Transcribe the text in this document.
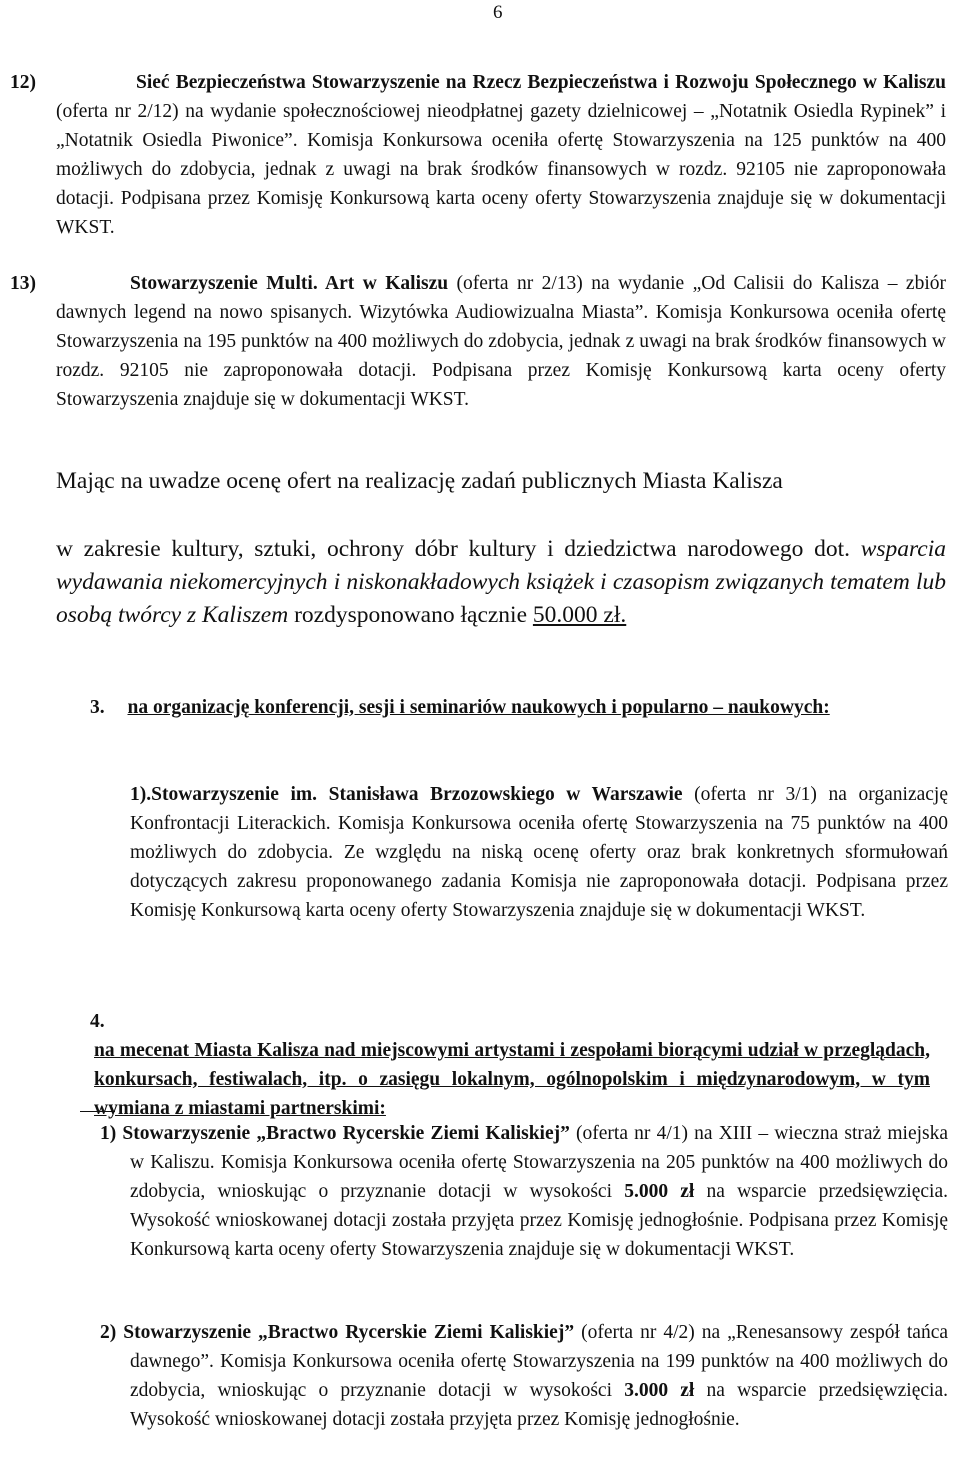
6
12)	Sieć Bezpieczeństwa Stowarzyszenie na Rzecz Bezpieczeństwa i Rozwoju Społecznego w Kaliszu (oferta nr 2/12) na wydanie społecznościowej nieodpłatnej gazety dzielnicowej – „Notatnik Osiedla Rypinek” i „Notatnik Osiedla Piwonice”. Komisja Konkursowa oceniła ofertę Stowarzyszenia na 125 punktów na 400 możliwych do zdobycia, jednak z uwagi na brak środków finansowych w rozdz. 92105 nie zaproponowała dotacji. Podpisana przez Komisję Konkursową karta oceny oferty Stowarzyszenia znajduje się w dokumentacji WKST.
13)	Stowarzyszenie Multi. Art w Kaliszu (oferta nr 2/13) na wydanie „Od Calisii do Kalisza – zbiór dawnych legend na nowo spisanych. Wizytówka Audiowizualna Miasta”. Komisja Konkursowa oceniła ofertę Stowarzyszenia na 195 punktów na 400 możliwych do zdobycia, jednak z uwagi na brak środków finansowych w rozdz. 92105 nie zaproponowała dotacji. Podpisana przez Komisję Konkursową karta oceny oferty Stowarzyszenia znajduje się w dokumentacji WKST.
Mając na uwadze ocenę ofert na realizację zadań publicznych Miasta Kalisza
w zakresie kultury, sztuki, ochrony dóbr kultury i dziedzictwa narodowego dot. wsparcia wydawania niekomercyjnych i niskonakładowych książek i czasopism związanych tematem lub osobą twórcy z Kaliszem rozdysponowano łącznie 50.000 zł.
3. na organizację konferencji, sesji i seminariów naukowych i popularno – naukowych:
1).Stowarzyszenie im. Stanisława Brzozowskiego w Warszawie (oferta nr 3/1) na organizację Konfrontacji Literackich. Komisja Konkursowa oceniła ofertę Stowarzyszenia na 75 punktów na 400 możliwych do zdobycia. Ze względu na niską ocenę oferty oraz brak konkretnych sformułowań dotyczących zakresu proponowanego zadania Komisja nie zaproponowała dotacji. Podpisana przez Komisję Konkursową karta oceny oferty Stowarzyszenia znajduje się w dokumentacji WKST.
4. na mecenat Miasta Kalisza nad miejscowymi artystami i zespołami biorącymi udział w przeglądach, konkursach, festiwalach, itp. o zasięgu lokalnym, ogólnopolskim i międzynarodowym, w tym wymiana z miastami partnerskimi:
1) Stowarzyszenie „Bractwo Rycerskie Ziemi Kaliskiej” (oferta nr 4/1) na XIII – wieczna straż miejska w Kaliszu. Komisja Konkursowa oceniła ofertę Stowarzyszenia na 205 punktów na 400 możliwych do zdobycia, wnioskując o przyznanie dotacji w wysokości 5.000 zł na wsparcie przedsięwzięcia. Wysokość wnioskowanej dotacji została przyjęta przez Komisję jednogłośnie. Podpisana przez Komisję Konkursową karta oceny oferty Stowarzyszenia znajduje się w dokumentacji WKST.
2) Stowarzyszenie „Bractwo Rycerskie Ziemi Kaliskiej” (oferta nr 4/2) na „Renesansowy zespół tańca dawnego”. Komisja Konkursowa oceniła ofertę Stowarzyszenia na 199 punktów na 400 możliwych do zdobycia, wnioskując o przyznanie dotacji w wysokości 3.000 zł na wsparcie przedsięwzięcia. Wysokość wnioskowanej dotacji została przyjęta przez Komisję jednogłośnie.
